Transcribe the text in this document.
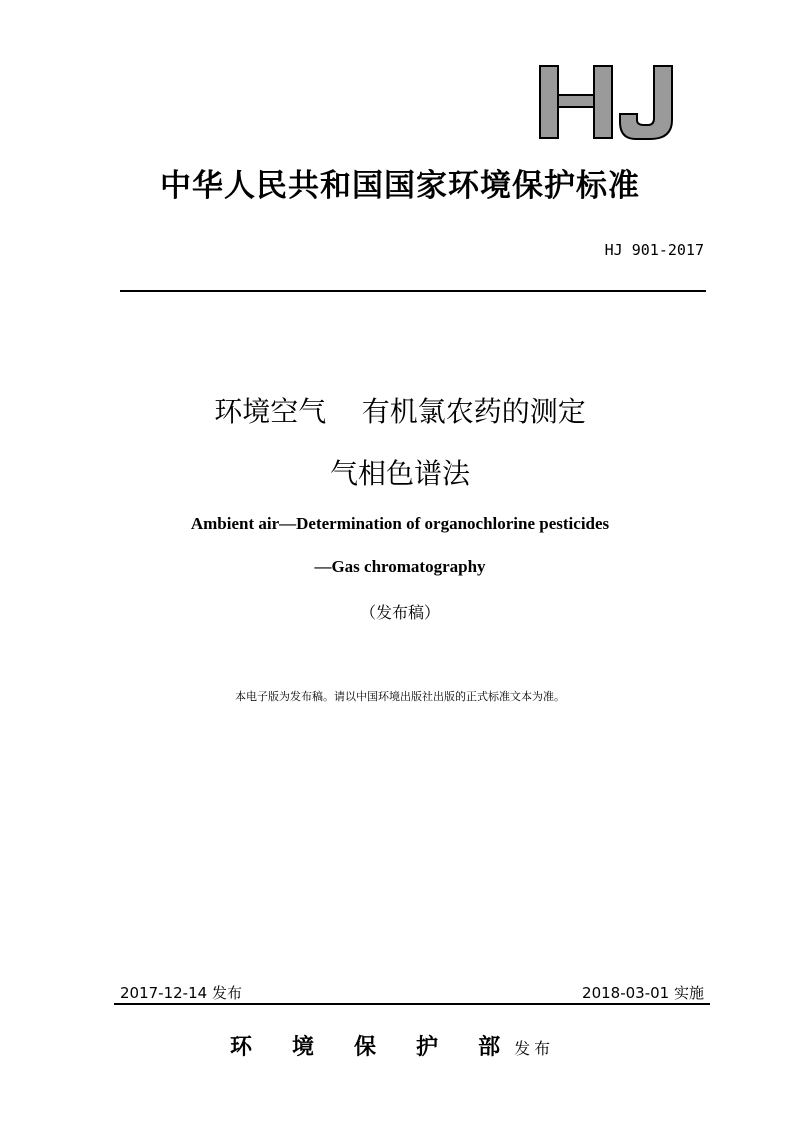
HJ
中华人民共和国国家环境保护标准
HJ 901-2017
环境空气    有机氯农药的测定
气相色谱法
Ambient air—Determination of organochlorine pesticides
—Gas chromatography
（发布稿）
本电子版为发布稿。请以中国环境出版社出版的正式标准文本为准。
2017-12-14 发布	2018-03-01 实施
环 境 保 护 部 发布
